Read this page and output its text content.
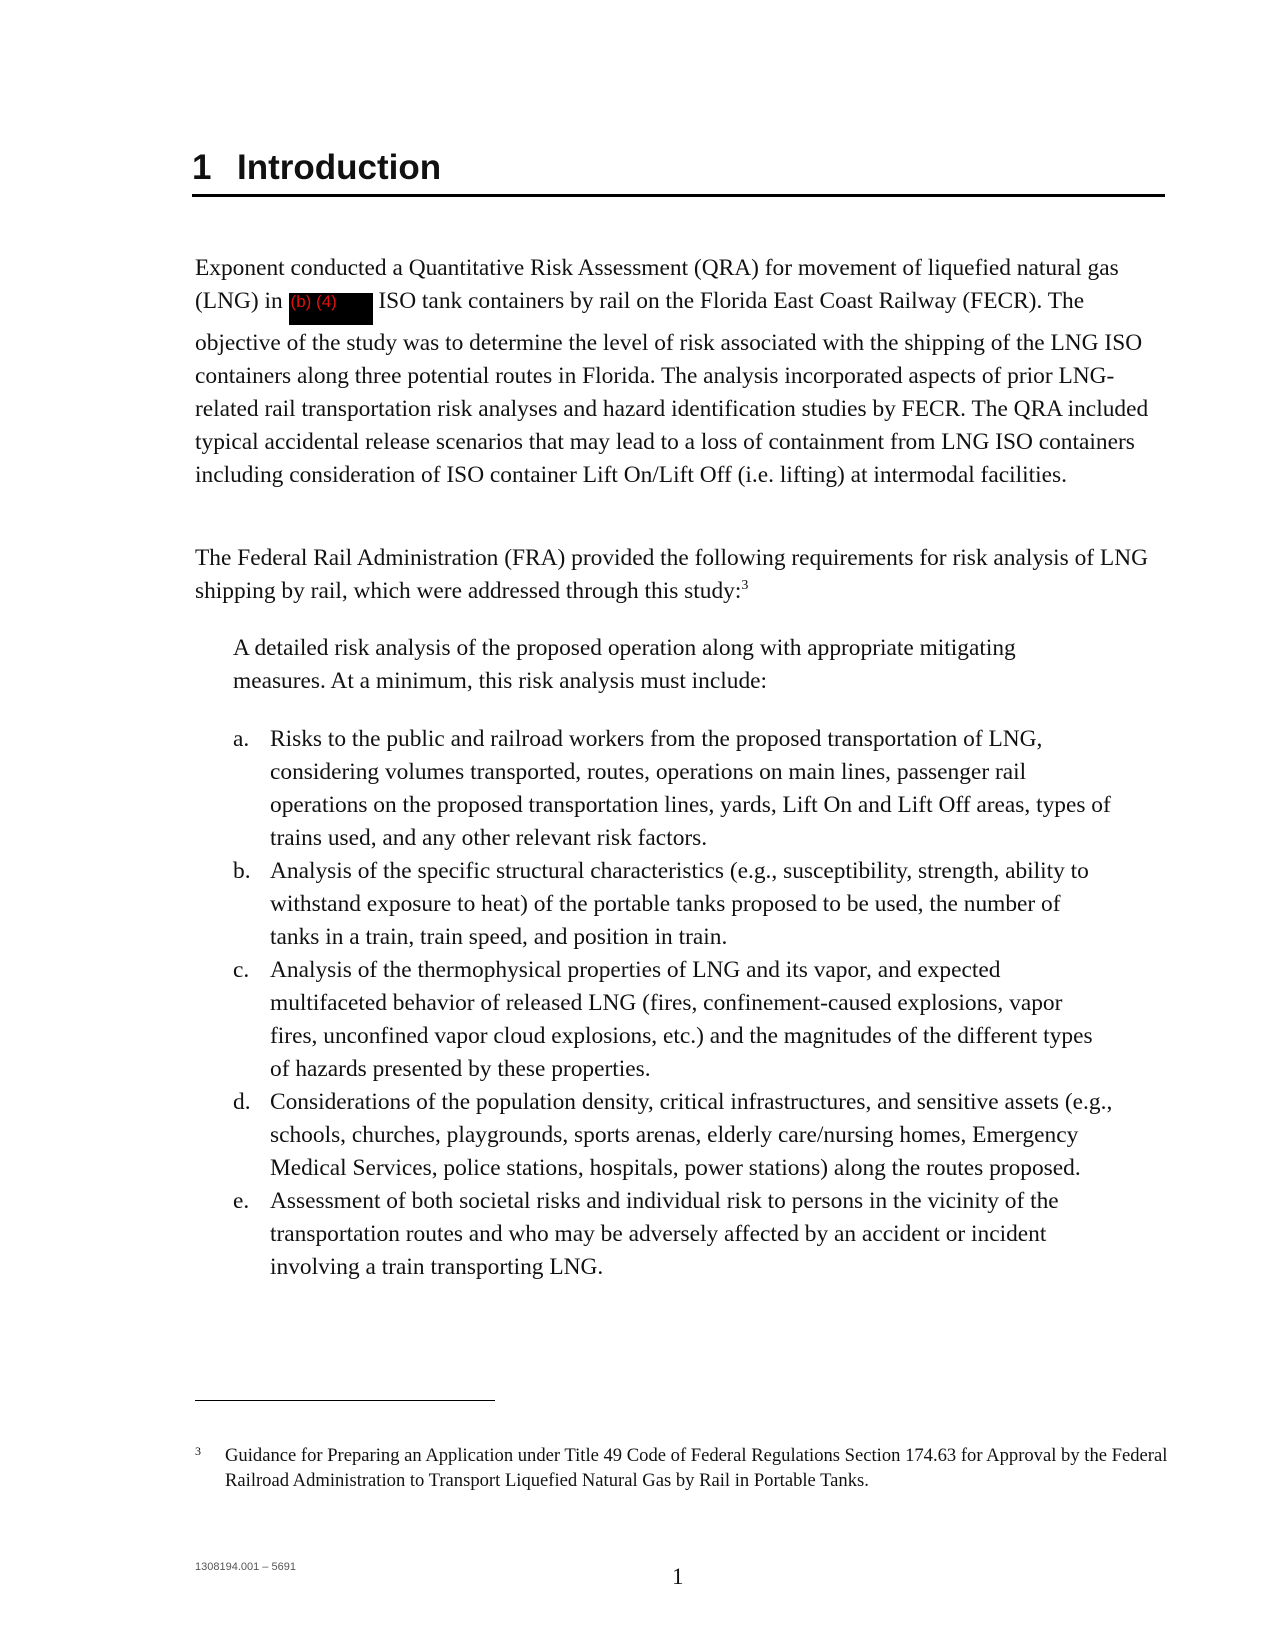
1 Introduction

Exponent conducted a Quantitative Risk Assessment (QRA) for movement of liquefied natural gas (LNG) in (b) (4) ISO tank containers by rail on the Florida East Coast Railway (FECR). The objective of the study was to determine the level of risk associated with the shipping of the LNG ISO containers along three potential routes in Florida. The analysis incorporated aspects of prior LNG-related rail transportation risk analyses and hazard identification studies by FECR. The QRA included typical accidental release scenarios that may lead to a loss of containment from LNG ISO containers including consideration of ISO container Lift On/Lift Off (i.e. lifting) at intermodal facilities.

The Federal Rail Administration (FRA) provided the following requirements for risk analysis of LNG shipping by rail, which were addressed through this study:$^3$

A detailed risk analysis of the proposed operation along with appropriate mitigating measures. At a minimum, this risk analysis must include:

a. Risks to the public and railroad workers from the proposed transportation of LNG, considering volumes transported, routes, operations on main lines, passenger rail operations on the proposed transportation lines, yards, Lift On and Lift Off areas, types of trains used, and any other relevant risk factors.
b. Analysis of the specific structural characteristics (e.g., susceptibility, strength, ability to withstand exposure to heat) of the portable tanks proposed to be used, the number of tanks in a train, train speed, and position in train.
c. Analysis of the thermophysical properties of LNG and its vapor, and expected multifaceted behavior of released LNG (fires, confinement-caused explosions, vapor fires, unconfined vapor cloud explosions, etc.) and the magnitudes of the different types of hazards presented by these properties.
d. Considerations of the population density, critical infrastructures, and sensitive assets (e.g., schools, churches, playgrounds, sports arenas, elderly care/nursing homes, Emergency Medical Services, police stations, hospitals, power stations) along the routes proposed.
e. Assessment of both societal risks and individual risk to persons in the vicinity of the transportation routes and who may be adversely affected by an accident or incident involving a train transporting LNG.
3 Guidance for Preparing an Application under Title 49 Code of Federal Regulations Section 174.63 for Approval by the Federal Railroad Administration to Transport Liquefied Natural Gas by Rail in Portable Tanks.
1308194.001 – 5691	1
